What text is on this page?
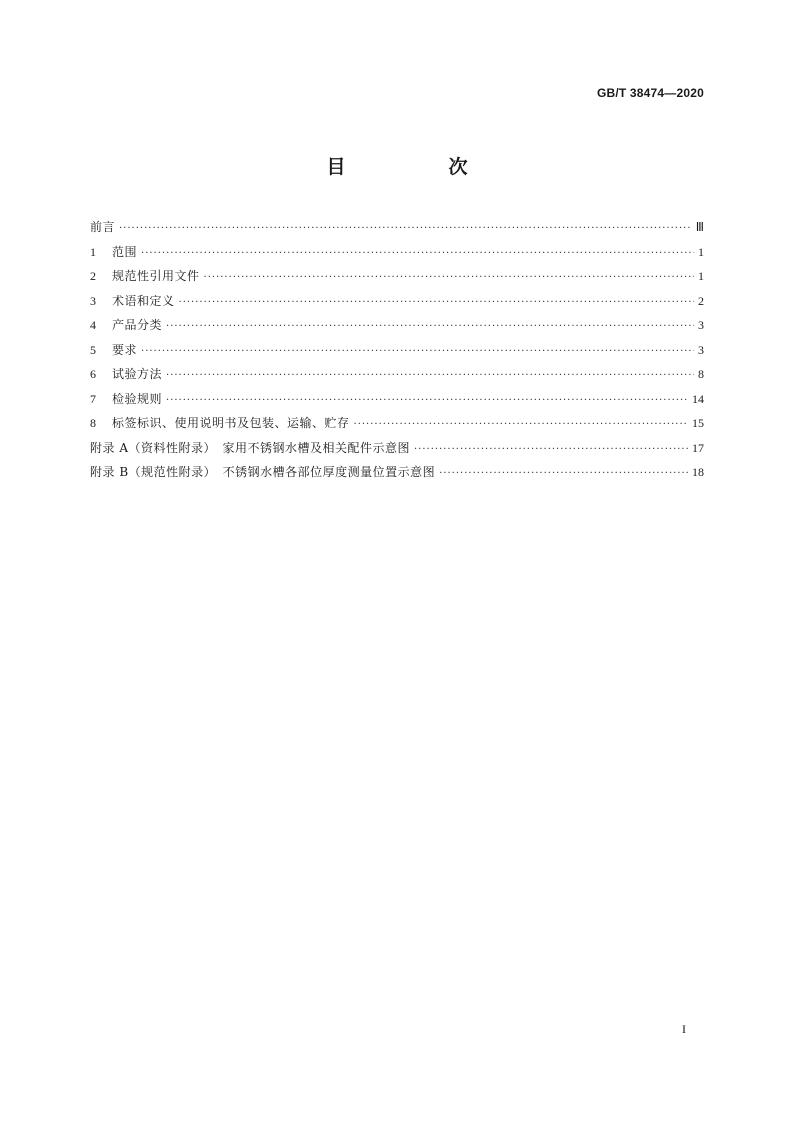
GB/T 38474—2020
目　次
前言 ·····	Ⅲ
1	范围 ·····	1
2	规范性引用文件 ·····	1
3	术语和定义 ·····	2
4	产品分类 ·····	3
5	要求 ·····	3
6	试验方法 ·····	8
7	检验规则 ·····	14
8	标签标识、使用说明书及包装、运输、贮存 ·····	15
附录 A（资料性附录）　家用不锈钢水槽及相关配件示意图 ·····	17
附录 B（规范性附录）　不锈钢水槽各部位厚度测量位置示意图 ·····	18
I
